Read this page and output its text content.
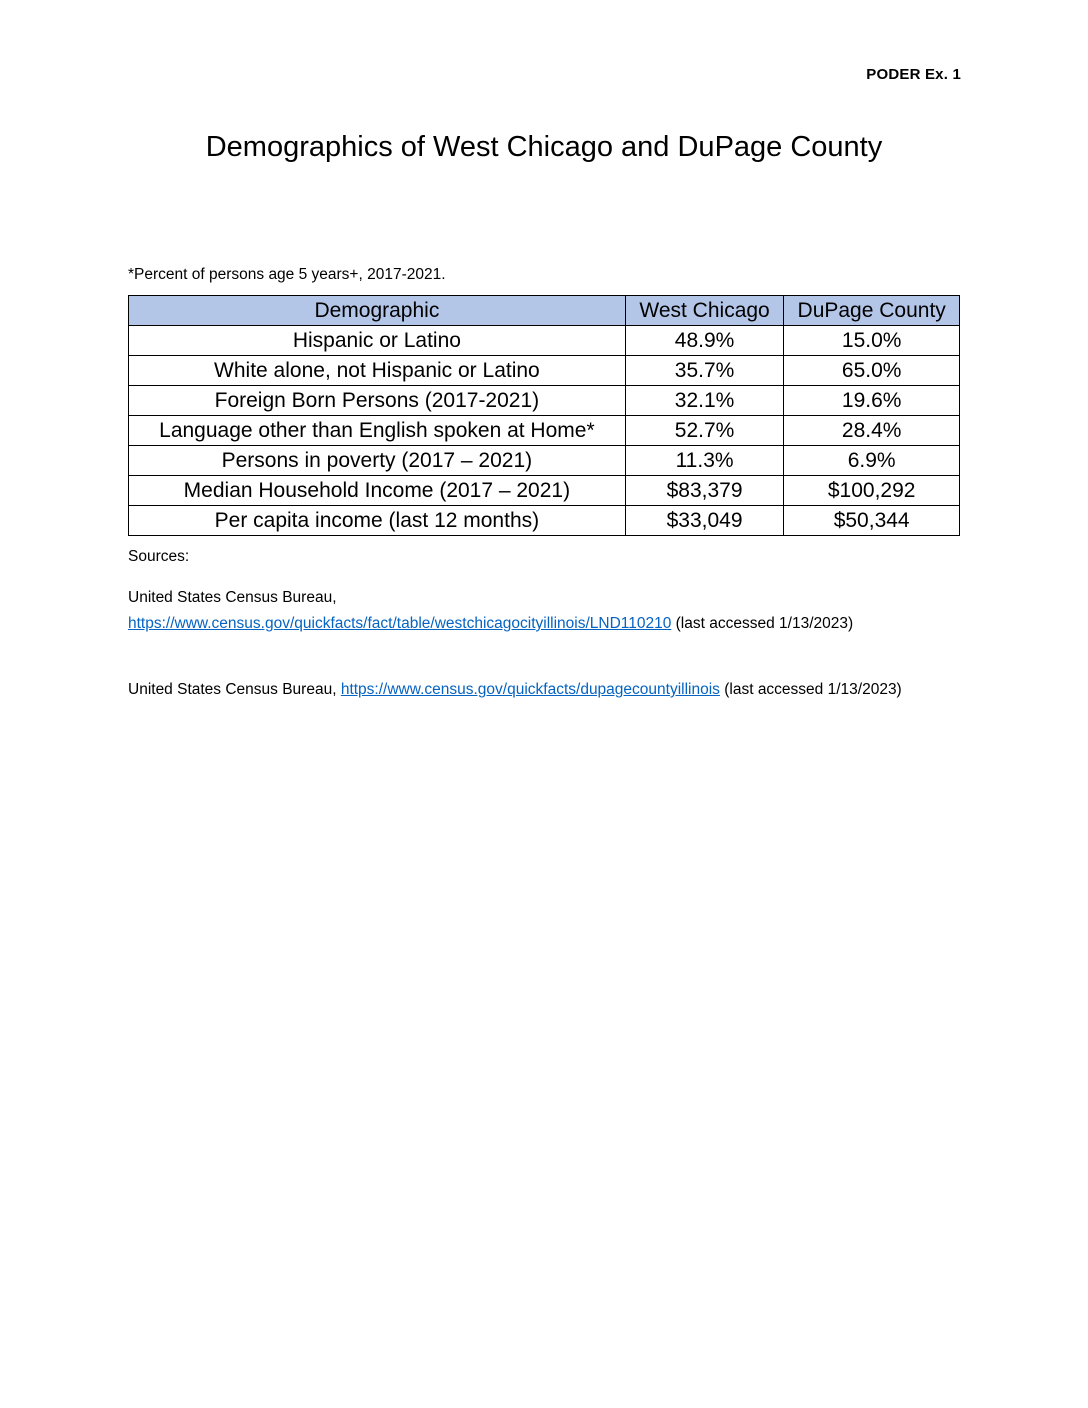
PODER Ex. 1
Demographics of West Chicago and DuPage County
*Percent of persons age 5 years+, 2017-2021.
Demographic	West Chicago	DuPage County
Hispanic or Latino	48.9%	15.0%
White alone, not Hispanic or Latino	35.7%	65.0%
Foreign Born Persons (2017-2021)	32.1%	19.6%
Language other than English spoken at Home*	52.7%	28.4%
Persons in poverty (2017 – 2021)	11.3%	6.9%
Median Household Income (2017 – 2021)	$83,379	$100,292
Per capita income (last 12 months)	$33,049	$50,344
Sources:
United States Census Bureau,
https://www.census.gov/quickfacts/fact/table/westchicagocityillinois/LND110210 (last accessed 1/13/2023)
United States Census Bureau, https://www.census.gov/quickfacts/dupagecountyillinois (last accessed 1/13/2023)
